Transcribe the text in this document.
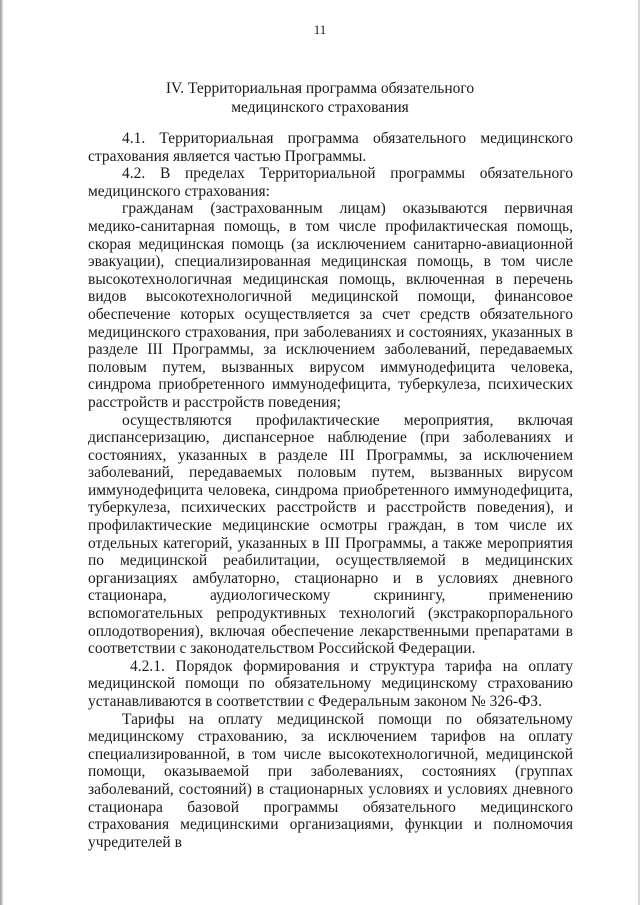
11
IV. Территориальная программа обязательного
медицинского страхования

4.1. Территориальная программа обязательного медицинского страхования является частью Программы.

4.2. В пределах Территориальной программы обязательного медицинского страхования:

гражданам (застрахованным лицам) оказываются первичная медико-санитарная помощь, в том числе профилактическая помощь, скорая медицинская помощь (за исключением санитарно-авиационной эвакуации), специализированная медицинская помощь, в том числе высокотехнологичная медицинская помощь, включенная в перечень видов высокотехнологичной медицинской помощи, финансовое обеспечение которых осуществляется за счет средств обязательного медицинского страхования, при заболеваниях и состояниях, указанных в разделе III Программы, за исключением заболеваний, передаваемых половым путем, вызванных вирусом иммунодефицита человека, синдрома приобретенного иммунодефицита, туберкулеза, психических расстройств и расстройств поведения;

осуществляются профилактические мероприятия, включая диспансеризацию, диспансерное наблюдение (при заболеваниях и состояниях, указанных в разделе III Программы, за исключением заболеваний, передаваемых половым путем, вызванных вирусом иммунодефицита человека, синдрома приобретенного иммунодефицита, туберкулеза, психических расстройств и расстройств поведения), и профилактические медицинские осмотры граждан, в том числе их отдельных категорий, указанных в III Программы, а также мероприятия по медицинской реабилитации, осуществляемой в медицинских организациях амбулаторно, стационарно и в условиях дневного стационара, аудиологическому скринингу, применению вспомогательных репродуктивных технологий (экстракорпорального оплодотворения), включая обеспечение лекарственными препаратами в соответствии с законодательством Российской Федерации.

4.2.1. Порядок формирования и структура тарифа на оплату медицинской помощи по обязательному медицинскому страхованию устанавливаются в соответствии с Федеральным законом № 326-ФЗ.

Тарифы на оплату медицинской помощи по обязательному медицинскому страхованию, за исключением тарифов на оплату специализированной, в том числе высокотехнологичной, медицинской помощи, оказываемой при заболеваниях, состояниях (группах заболеваний, состояний) в стационарных условиях и условиях дневного стационара базовой программы обязательного медицинского страхования медицинскими организациями, функции и полномочия учредителей в
